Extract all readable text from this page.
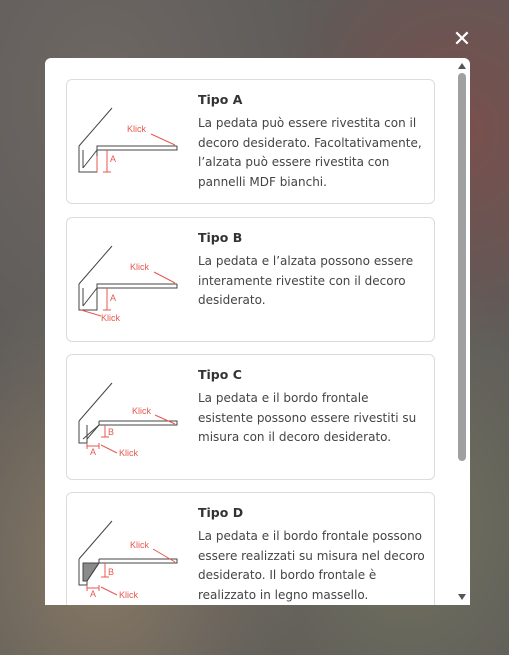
✕
A
Klick
Tipo A
La pedata può essere rivestita con il decoro desiderato. Facoltativamente, l’alzata può essere rivestita con pannelli MDF bianchi.
A
Klick
Klick
Tipo B
La pedata e l’alzata possono essere interamente rivestite con il decoro desiderato.
B
A
Klick
Klick
Tipo C
La pedata e il bordo frontale esistente possono essere rivestiti su misura con il decoro desiderato.
B
A
Klick
Klick
Tipo D
La pedata e il bordo frontale possono essere realizzati su misura nel decoro desiderato. Il bordo frontale è realizzato in legno massello.
